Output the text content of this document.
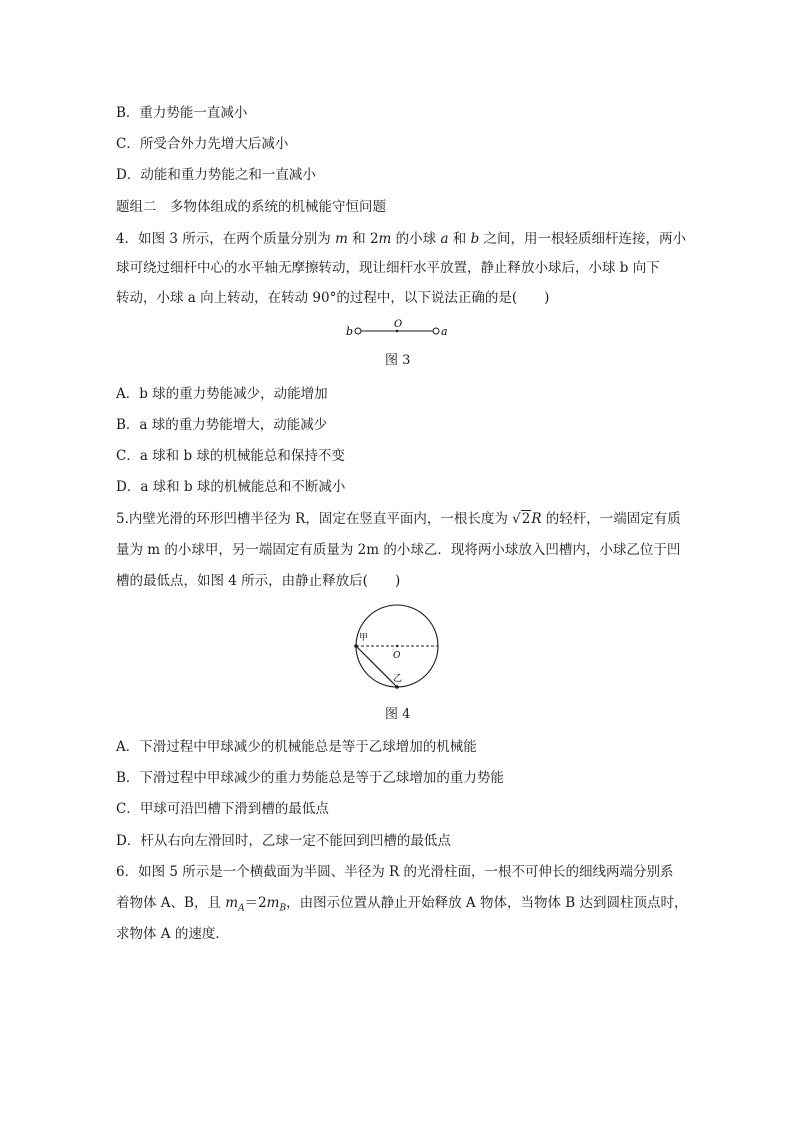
B．重力势能一直减小
C．所受合外力先增大后减小
D．动能和重力势能之和一直减小
题组二　多物体组成的系统的机械能守恒问题
4．如图 3 所示，在两个质量分别为 m 和 2m 的小球 a 和 b 之间，用一根轻质细杆连接，两小
球可绕过细杆中心的水平轴无摩擦转动，现让细杆水平放置，静止释放小球后，小球 b 向下
转动，小球 a 向上转动，在转动 90°的过程中，以下说法正确的是(　　)
b
O
a
图 3
A．b 球的重力势能减少，动能增加
B．a 球的重力势能增大，动能减少
C．a 球和 b 球的机械能总和保持不变
D．a 球和 b 球的机械能总和不断减小
5.内壁光滑的环形凹槽半径为 R，固定在竖直平面内，一根长度为 √2R 的轻杆，一端固定有质
量为 m 的小球甲，另一端固定有质量为 2m 的小球乙．现将两小球放入凹槽内，小球乙位于凹
槽的最低点，如图 4 所示，由静止释放后(　　)
甲
O
乙
图 4
A．下滑过程中甲球减少的机械能总是等于乙球增加的机械能
B．下滑过程中甲球减少的重力势能总是等于乙球增加的重力势能
C．甲球可沿凹槽下滑到槽的最低点
D．杆从右向左滑回时，乙球一定不能回到凹槽的最低点
6．如图 5 所示是一个横截面为半圆、半径为 R 的光滑柱面，一根不可伸长的细线两端分别系
着物体 A、B，且 $m_A=2m_B$，由图示位置从静止开始释放 A 物体，当物体 B 达到圆柱顶点时，
求物体 A 的速度．
